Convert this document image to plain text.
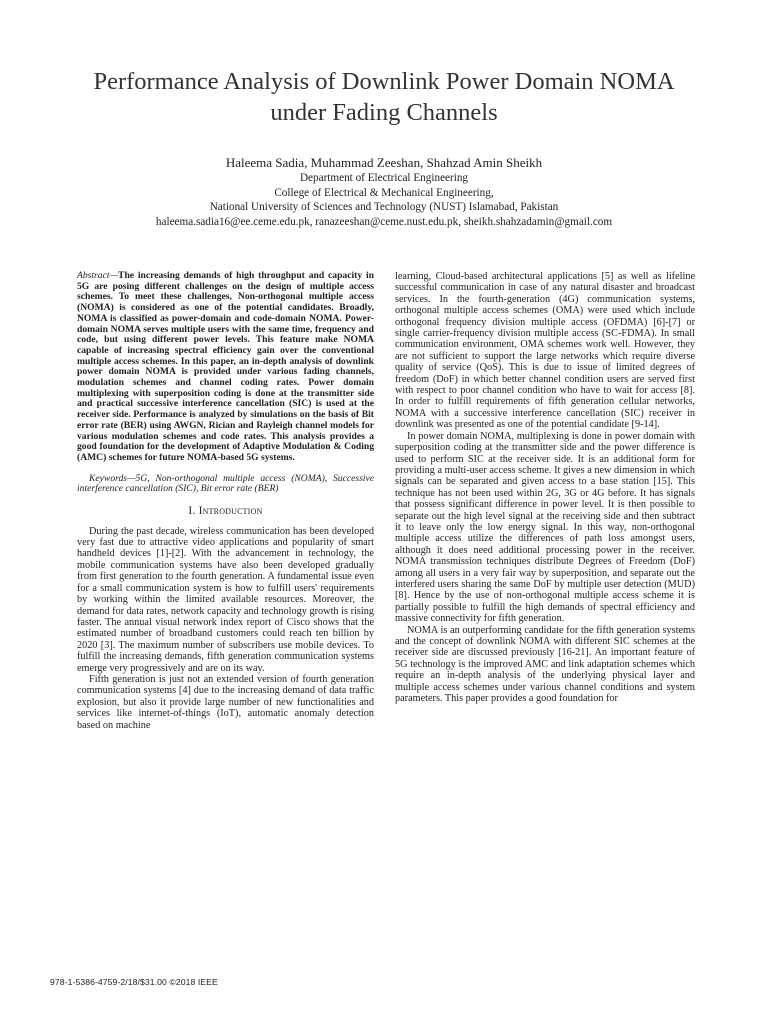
Performance Analysis of Downlink Power Domain NOMA
under Fading Channels
Haleema Sadia, Muhammad Zeeshan, Shahzad Amin Sheikh
Department of Electrical Engineering
College of Electrical & Mechanical Engineering,
National University of Sciences and Technology (NUST) Islamabad, Pakistan
haleema.sadia16@ee.ceme.edu.pk, ranazeeshan@ceme.nust.edu.pk, sheikh.shahzadamin@gmail.com

Abstract—The increasing demands of high throughput and capacity in 5G are posing different challenges on the design of multiple access schemes. To meet these challenges, Non-orthogonal multiple access (NOMA) is considered as one of the potential candidates. Broadly, NOMA is classified as power-domain and code-domain NOMA. Power-domain NOMA serves multiple users with the same time, frequency and code, but using different power levels. This feature make NOMA capable of increasing spectral efficiency gain over the conventional multiple access schemes. In this paper, an in-depth analysis of downlink power domain NOMA is provided under various fading channels, modulation schemes and channel coding rates. Power domain multiplexing with superposition coding is done at the transmitter side and practical successive interference cancellation (SIC) is used at the receiver side. Performance is analyzed by simulations on the basis of Bit error rate (BER) using AWGN, Rician and Rayleigh channel models for various modulation schemes and code rates. This analysis provides a good foundation for the development of Adaptive Modulation & Coding (AMC) schemes for future NOMA-based 5G systems.

Keywords—5G, Non-orthogonal multiple access (NOMA), Successive interference cancellation (SIC), Bit error rate (BER)

I. Introduction

During the past decade, wireless communication has been developed very fast due to attractive video applications and popularity of smart handheld devices [1]-[2]. With the advancement in technology, the mobile communication systems have also been developed gradually from first generation to the fourth generation. A fundamental issue even for a small communication system is how to fulfill users' requirements by working within the limited available resources. Moreover, the demand for data rates, network capacity and technology growth is rising faster. The annual visual network index report of Cisco shows that the estimated number of broadband customers could reach ten billion by 2020 [3]. The maximum number of subscribers use mobile devices. To fulfill the increasing demands, fifth generation communication systems emerge very progressively and are on its way.

Fifth generation is just not an extended version of fourth generation communication systems [4] due to the increasing demand of data traffic explosion, but also it provide large number of new functionalities and services like internet-of-things (IoT), automatic anomaly detection based on machine

learning, Cloud-based architectural applications [5] as well as lifeline successful communication in case of any natural disaster and broadcast services. In the fourth-generation (4G) communication systems, orthogonal multiple access schemes (OMA) were used which include orthogonal frequency division multiple access (OFDMA) [6]-[7] or single carrier-frequency division multiple access (SC-FDMA). In small communication environment, OMA schemes work well. However, they are not sufficient to support the large networks which require diverse quality of service (QoS). This is due to issue of limited degrees of freedom (DoF) in which better channel condition users are served first with respect to poor channel condition who have to wait for access [8]. In order to fulfill requirements of fifth generation cellular networks, NOMA with a successive interference cancellation (SIC) receiver in downlink was presented as one of the potential candidate [9-14].

In power domain NOMA, multiplexing is done in power domain with superposition coding at the transmitter side and the power difference is used to perform SIC at the receiver side. It is an additional form for providing a multi-user access scheme. It gives a new dimension in which signals can be separated and given access to a base station [15]. This technique has not been used within 2G, 3G or 4G before. It has signals that possess significant difference in power level. It is then possible to separate out the high level signal at the receiving side and then subtract it to leave only the low energy signal. In this way, non-orthogonal multiple access utilize the differences of path loss amongst users, although it does need additional processing power in the receiver. NOMA transmission techniques distribute Degrees of Freedom (DoF) among all users in a very fair way by superposition, and separate out the interfered users sharing the same DoF by multiple user detection (MUD) [8]. Hence by the use of non-orthogonal multiple access scheme it is partially possible to fulfill the high demands of spectral efficiency and massive connectivity for fifth generation.

NOMA is an outperforming candidate for the fifth generation systems and the concept of downlink NOMA with different SIC schemes at the receiver side are discussed previously [16-21]. An important feature of 5G technology is the improved AMC and link adaptation schemes which require an in-depth analysis of the underlying physical layer and multiple access schemes under various channel conditions and system parameters. This paper provides a good foundation for

978-1-5386-4759-2/18/$31.00 ©2018 IEEE
